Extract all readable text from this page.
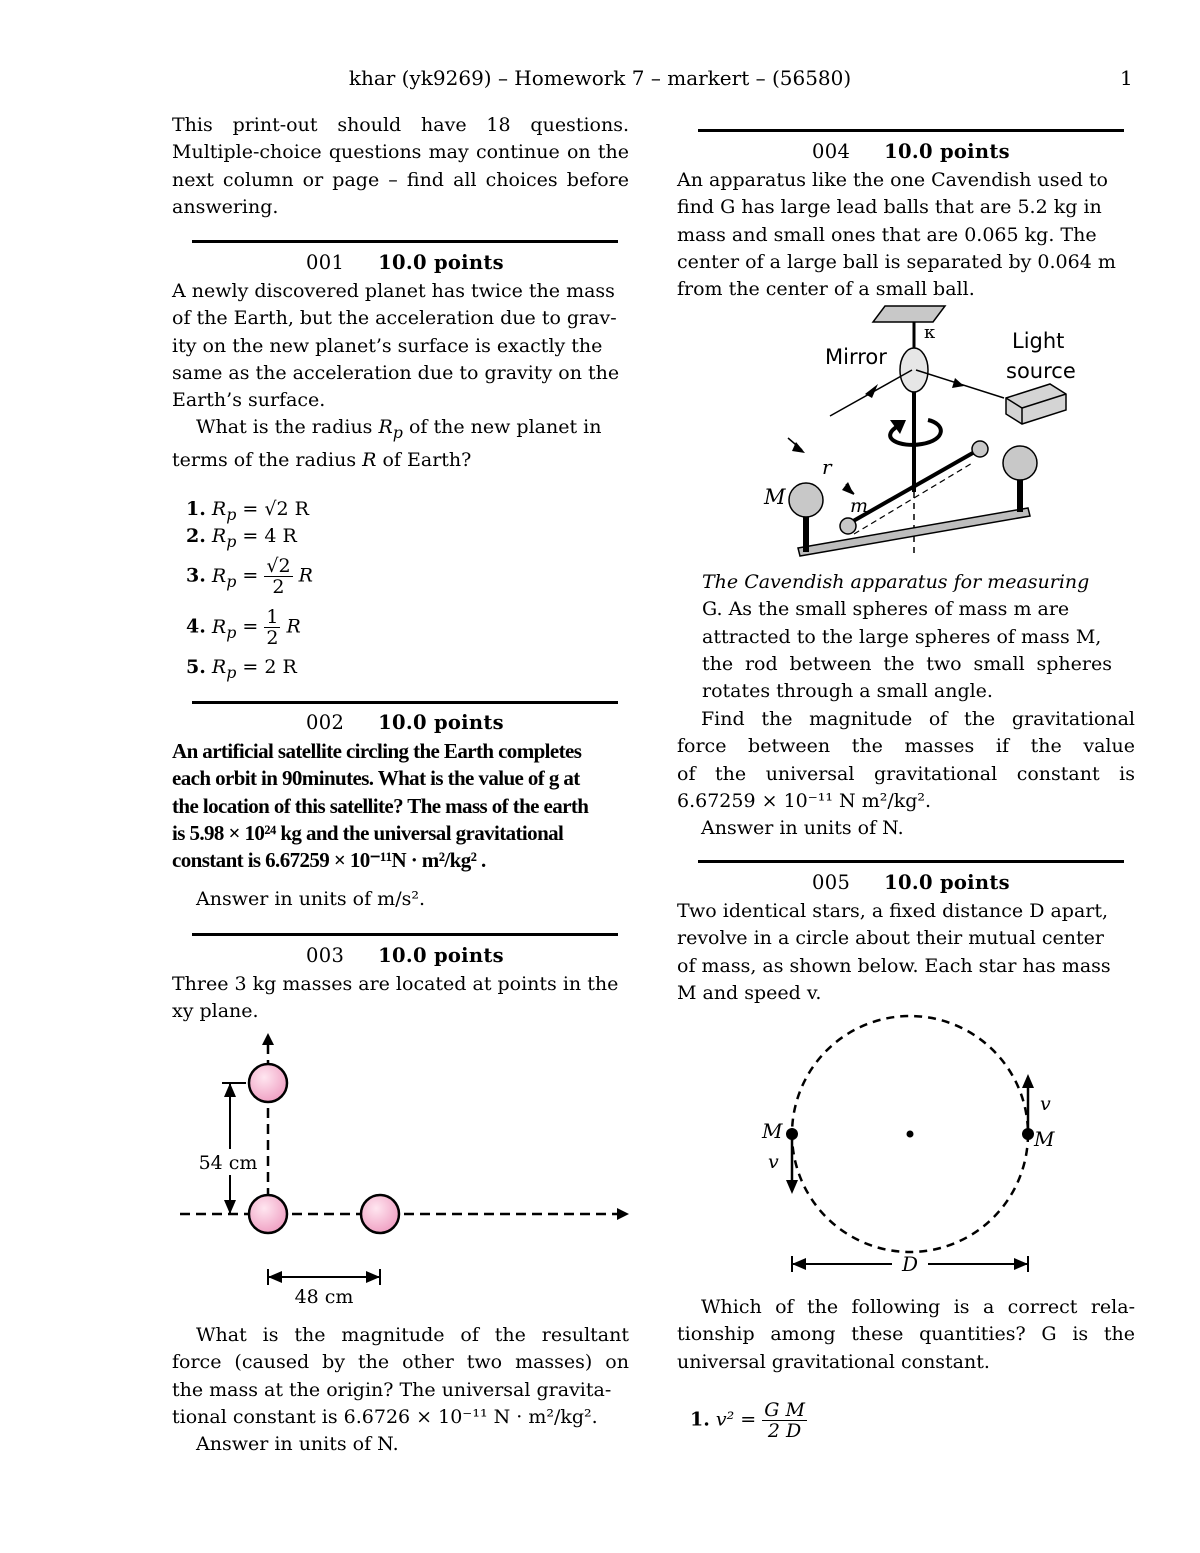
khar (yk9269) – Homework 7 – markert – (56580)	1
This print-out should have 18 questions. Multiple-choice questions may continue on the next column or page – find all choices before answering.
001 10.0 points
A newly discovered planet has twice the mass
of the Earth, but the acceleration due to grav-
ity on the new planet’s surface is exactly the
same as the acceleration due to gravity on the
Earth’s surface.
What is the radius $R_p$ of the new planet in
terms of the radius R of Earth?
1. $R_p = √2$ R
2. $R_p = 4$ R
3. $R_p = \frac{√2}{2}$ R
4. $R_p = \frac{1}{2}$ R
5. $R_p = 2$ R
002 10.0 points
An artificial satellite circling the Earth completes
each orbit in 90minutes. What is the value of g at
the location of this satellite? The mass of the earth
is 5.98 × 10²⁴ kg and the universal gravitational
constant is 6.67259 × 10⁻¹¹N · m²/kg² .
Answer in units of m/s².
003 10.0 points
Three 3 kg masses are located at points in the
xy plane.
54 cm
48 cm
What is the magnitude of the resultant
force (caused by the other two masses) on
the mass at the origin? The universal gravita-
tional constant is 6.6726 × 10⁻¹¹ N · m²/kg².
Answer in units of N.
004 10.0 points
An apparatus like the one Cavendish used to
find G has large lead balls that are 5.2 kg in
mass and small ones that are 0.065 kg. The
center of a large ball is separated by 0.064 m
from the center of a small ball.
κ
Mirror
Light
source
M
r
m
The Cavendish apparatus for measuring
G. As the small spheres of mass m are
attracted to the large spheres of mass M,
the rod between the two small spheres
rotates through a small angle.
Find the magnitude of the gravitational
force between the masses if the value
of the universal gravitational constant is
6.67259 × 10⁻¹¹ N m²/kg².
Answer in units of N.
005 10.0 points
Two identical stars, a fixed distance D apart,
revolve in a circle about their mutual center
of mass, as shown below. Each star has mass
M and speed v.
M	M
v
v
D
Which of the following is a correct rela-
tionship among these quantities? G is the
universal gravitational constant.
1. $v^2 = \frac{\text{G M}}{2 D}$
